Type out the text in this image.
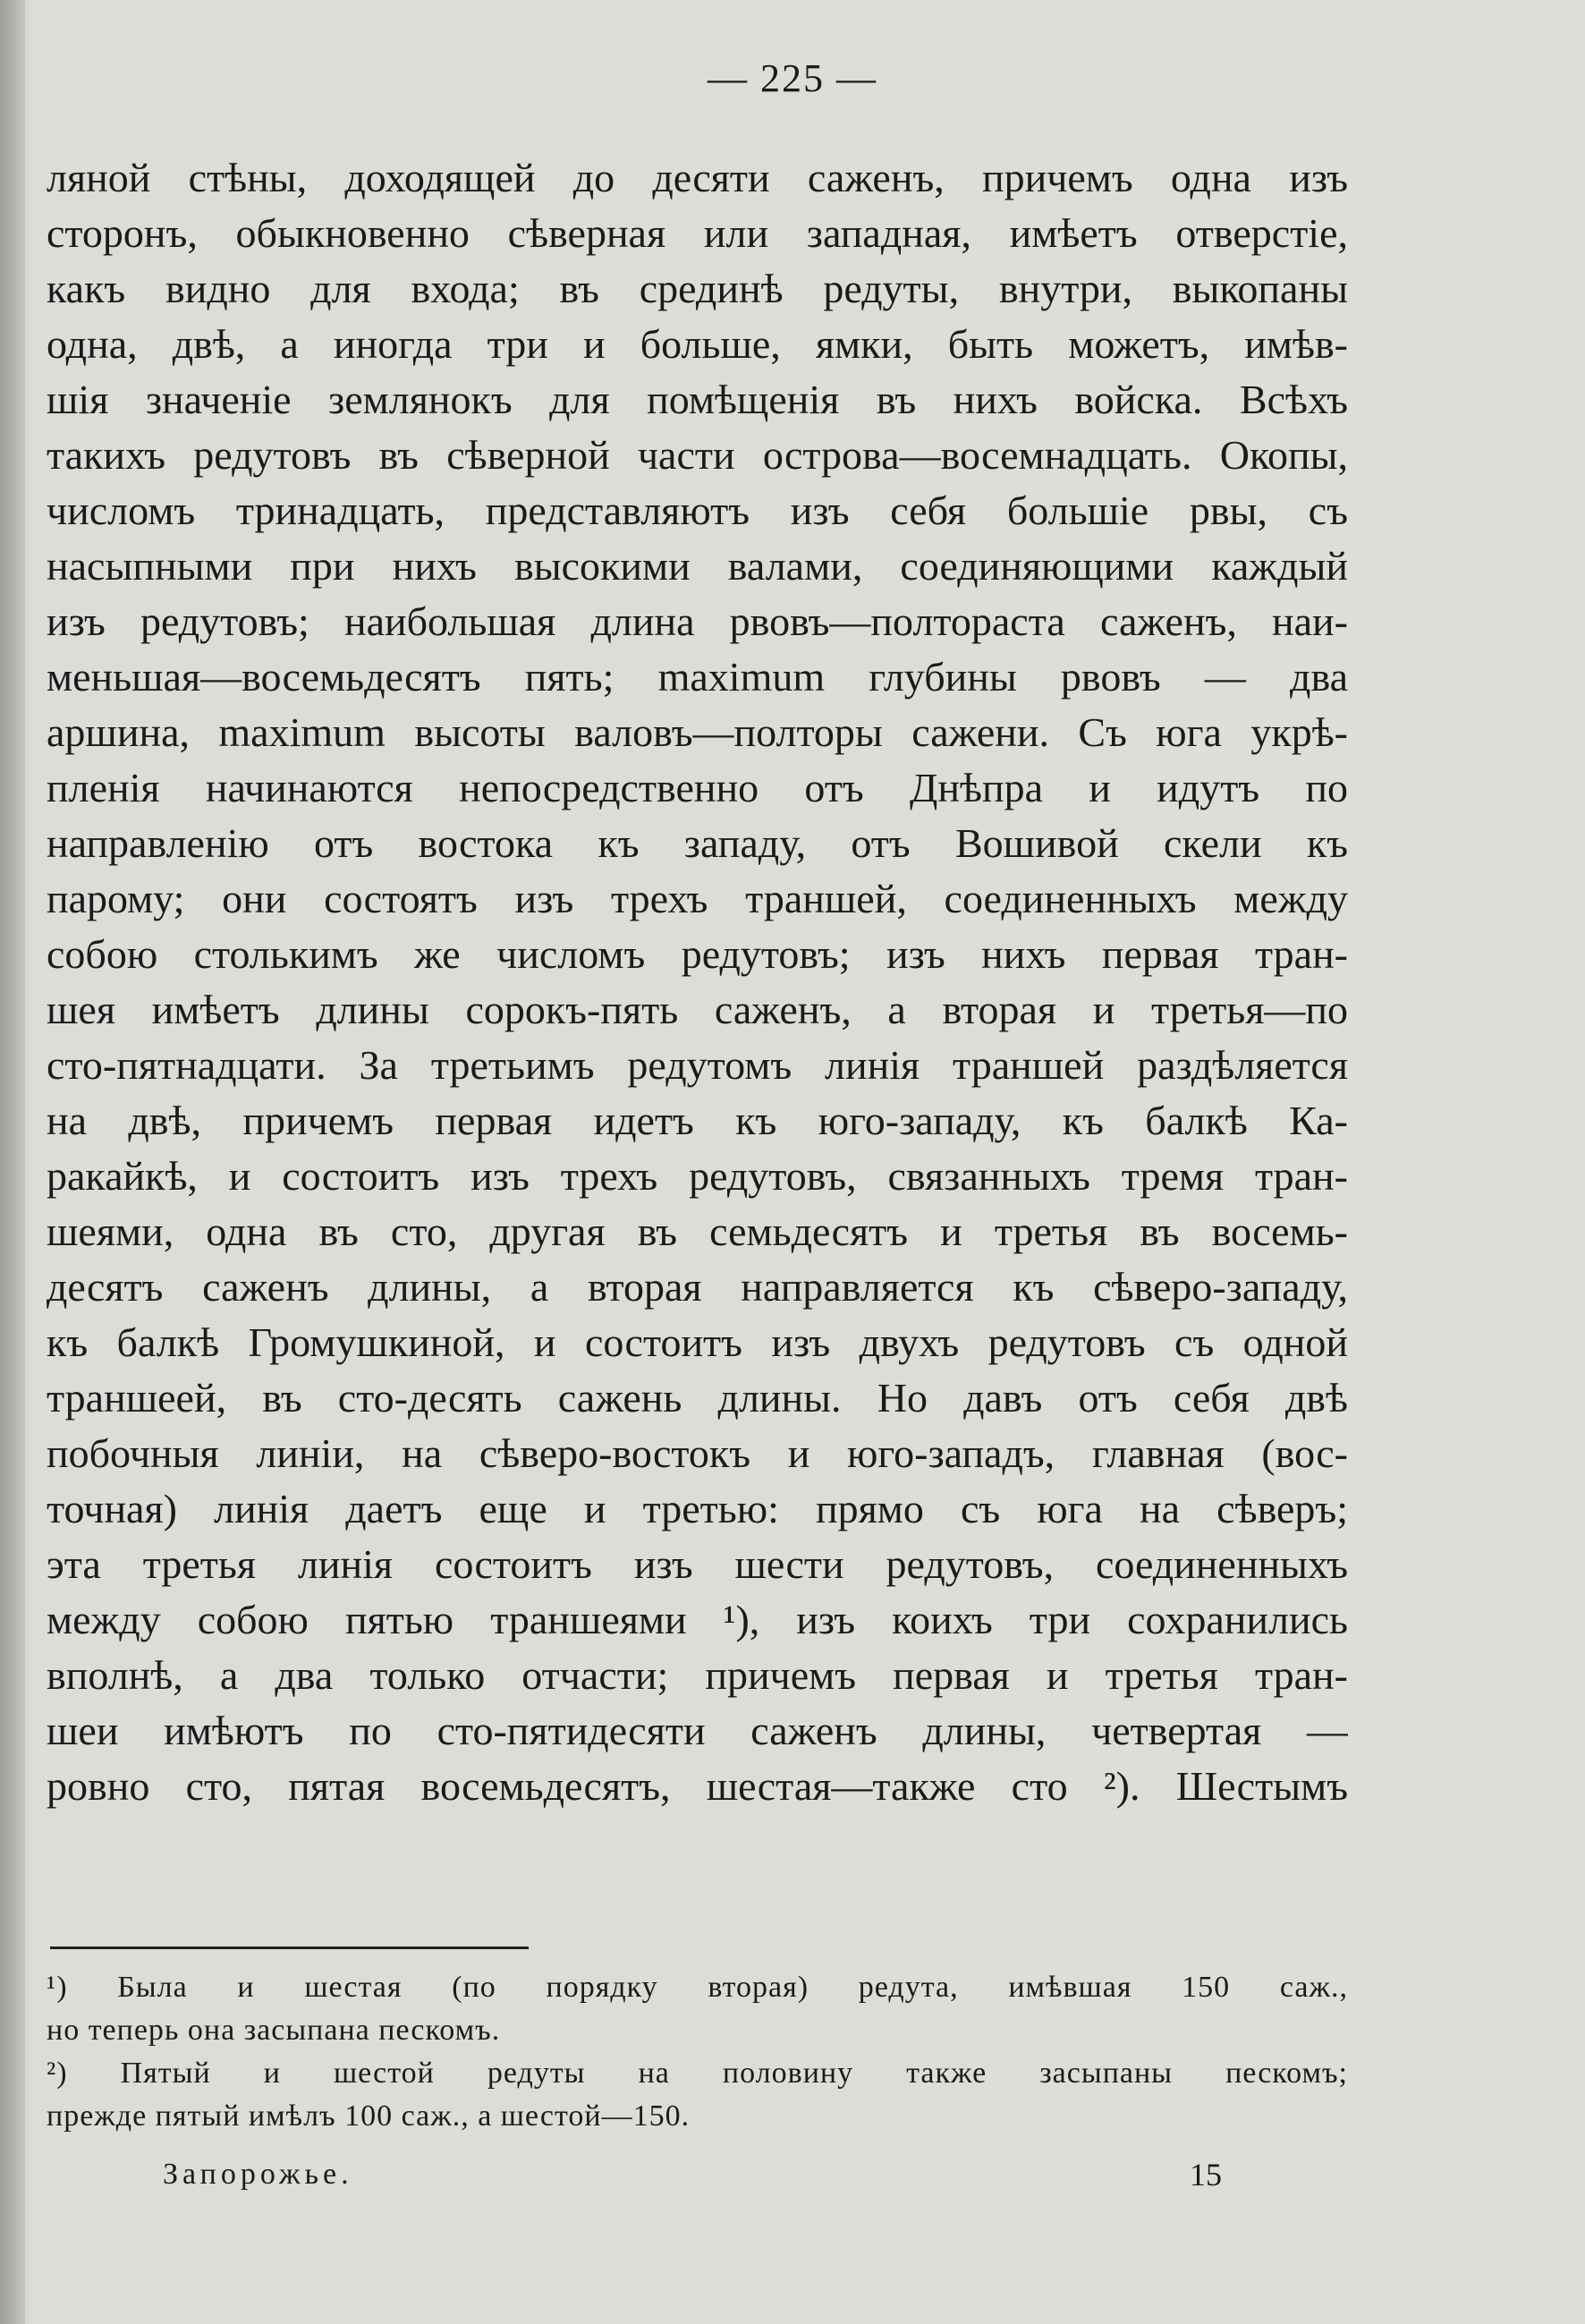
— 225 —
ляной стѣны, доходящей до десяти саженъ, причемъ одна изъ
сторонъ, обыкновенно сѣверная или западная, имѣетъ отверстіе,
какъ видно для входа; въ срединѣ редуты, внутри, выкопаны
одна, двѣ, а иногда три и больше, ямки, быть можетъ, имѣв-
шія значеніе землянокъ для помѣщенія въ нихъ войска. Всѣхъ
такихъ редутовъ въ сѣверной части острова—восемнадцать. Окопы,
числомъ тринадцать, представляютъ изъ себя большіе рвы, съ
насыпными при нихъ высокими валами, соединяющими каждый
изъ редутовъ; наибольшая длина рвовъ—полтораста саженъ, наи-
меньшая—восемьдесятъ пять; maximum глубины рвовъ — два
аршина, maximum высоты валовъ—полторы сажени. Съ юга укрѣ-
пленія начинаются непосредственно отъ Днѣпра и идутъ по
направленію отъ востока къ западу, отъ Вошивой скели къ
парому; они состоятъ изъ трехъ траншей, соединенныхъ между
собою столькимъ же числомъ редутовъ; изъ нихъ первая тран-
шея имѣетъ длины сорокъ-пять саженъ, а вторая и третья—по
сто-пятнадцати. За третьимъ редутомъ линія траншей раздѣляется
на двѣ, причемъ первая идетъ къ юго-западу, къ балкѣ Ка-
ракайкѣ, и состоитъ изъ трехъ редутовъ, связанныхъ тремя тран-
шеями, одна въ сто, другая въ семьдесятъ и третья въ восемь-
десятъ саженъ длины, а вторая направляется къ сѣверо-западу,
къ балкѣ Громушкиной, и состоитъ изъ двухъ редутовъ съ одной
траншеей, въ сто-десять сажень длины. Но давъ отъ себя двѣ
побочныя линіи, на сѣверо-востокъ и юго-западъ, главная (вос-
точная) линія даетъ еще и третью: прямо съ юга на сѣверъ;
эта третья линія состоитъ изъ шести редутовъ, соединенныхъ
между собою пятью траншеями ¹), изъ коихъ три сохранились
вполнѣ, а два только отчасти; причемъ первая и третья тран-
шеи имѣютъ по сто-пятидесяти саженъ длины, четвертая —
ровно сто, пятая восемьдесятъ, шестая—также сто ²). Шестымъ
¹) Была и шестая (по порядку вторая) редута, имѣвшая 150 саж.,
но теперь она засыпана пескомъ.
²) Пятый и шестой редуты на половину также засыпаны пескомъ;
прежде пятый имѣлъ 100 саж., а шестой—150.
Запорожье.	15
